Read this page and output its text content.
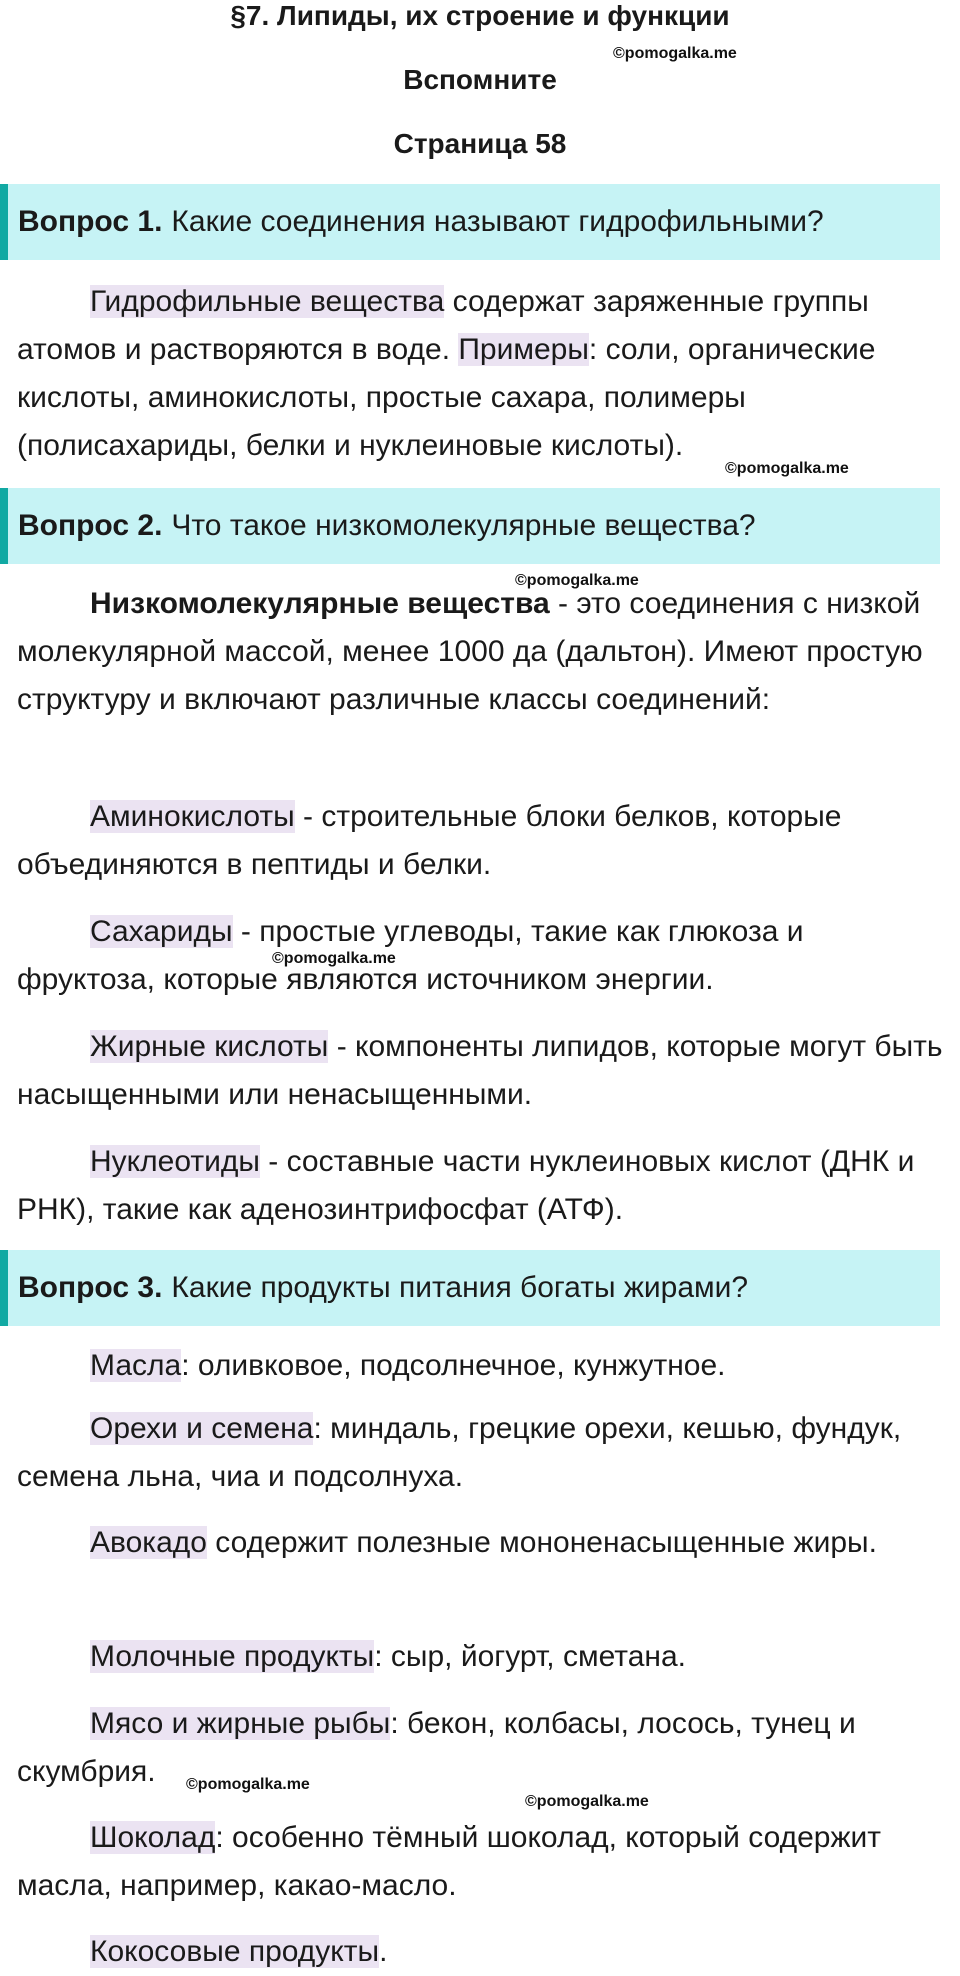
§7. Липиды, их строение и функции
Вспомните
Страница 58
©pomogalka.me
©pomogalka.me
©pomogalka.me
©pomogalka.me
©pomogalka.me
©pomogalka.me
Вопрос 1. Какие соединения называют гидрофильными?

Гидрофильные вещества содержат заряженные группы атомов и растворяются в воде. Примеры: соли, органические кислоты, аминокислоты, простые сахара, полимеры (полисахариды, белки и нуклеиновые кислоты).

Вопрос 2. Что такое низкомолекулярные вещества?

Низкомолекулярные вещества - это соединения с низкой молекулярной массой, менее 1000 да (дальтон). Имеют простую структуру и включают различные классы соединений:

Аминокислоты - строительные блоки белков, которые объединяются в пептиды и белки.

Сахариды - простые углеводы, такие как глюкоза и фруктоза, которые являются источником энергии.

Жирные кислоты - компоненты липидов, которые могут быть насыщенными или ненасыщенными.

Нуклеотиды - составные части нуклеиновых кислот (ДНК и РНК), такие как аденозинтрифосфат (АТФ).

Вопрос 3. Какие продукты питания богаты жирами?

Масла: оливковое, подсолнечное, кунжутное.

Орехи и семена: миндаль, грецкие орехи, кешью, фундук, семена льна, чиа и подсолнуха.

Авокадо содержит полезные мононенасыщенные жиры.

Молочные продукты: сыр, йогурт, сметана.

Мясо и жирные рыбы: бекон, колбасы, лосось, тунец и скумбрия.

Шоколад: особенно тёмный шоколад, который содержит масла, например, какао-масло.

Кокосовые продукты.
